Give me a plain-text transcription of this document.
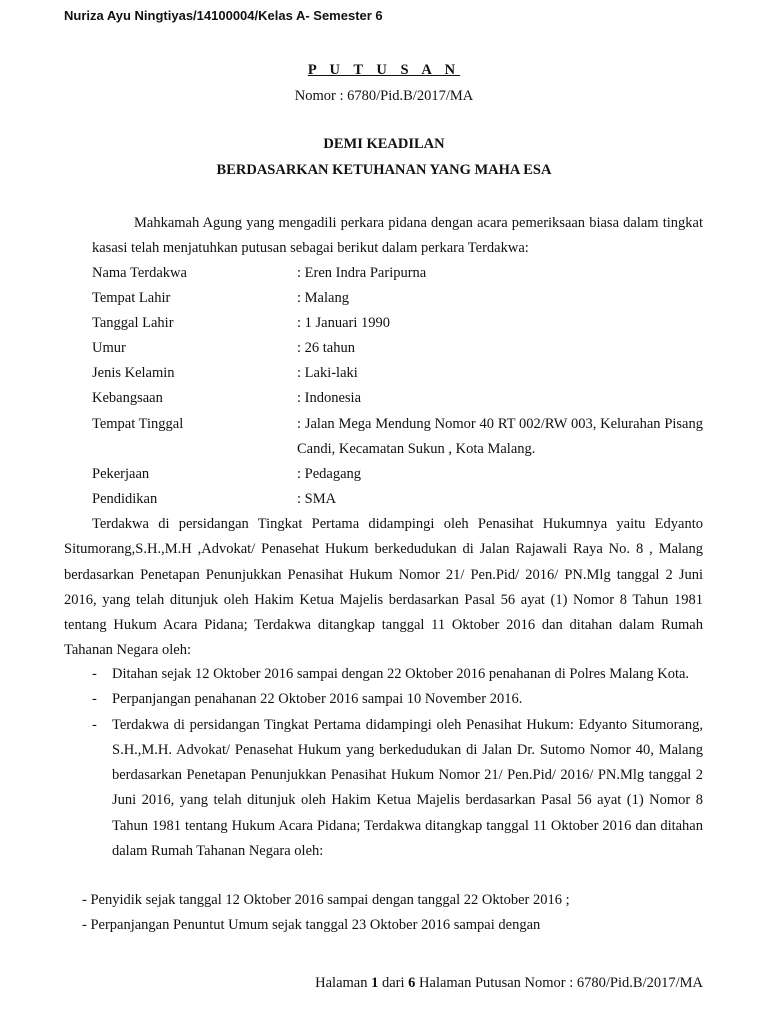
Nuriza Ayu Ningtiyas/14100004/Kelas A- Semester 6
P U T U S A N
Nomor : 6780/Pid.B/2017/MA
DEMI KEADILAN
BERDASARKAN KETUHANAN YANG MAHA ESA
Mahkamah Agung yang mengadili perkara pidana dengan acara pemeriksaan biasa dalam tingkat kasasi telah menjatuhkan putusan sebagai berikut dalam perkara Terdakwa:
Nama Terdakwa	: Eren Indra Paripurna
Tempat Lahir	: Malang
Tanggal Lahir	: 1 Januari 1990
Umur	: 26 tahun
Jenis Kelamin	: Laki-laki
Kebangsaan	: Indonesia
Tempat Tinggal	: Jalan Mega Mendung Nomor 40 RT 002/RW 003, Kelurahan Pisang Candi, Kecamatan Sukun , Kota Malang.
Pekerjaan	: Pedagang
Pendidikan	: SMA
Terdakwa di persidangan Tingkat Pertama didampingi oleh Penasihat Hukumnya yaitu Edyanto Situmorang,S.H.,M.H ,Advokat/ Penasehat Hukum berkedudukan di Jalan Rajawali Raya No. 8 , Malang berdasarkan Penetapan Penunjukkan Penasihat Hukum Nomor 21/ Pen.Pid/ 2016/ PN.Mlg tanggal 2 Juni 2016, yang telah ditunjuk oleh Hakim Ketua Majelis berdasarkan Pasal 56 ayat (1) Nomor 8 Tahun 1981 tentang Hukum Acara Pidana; Terdakwa ditangkap tanggal 11 Oktober 2016 dan ditahan dalam Rumah Tahanan Negara oleh:
- Ditahan sejak 12 Oktober 2016 sampai dengan 22 Oktober 2016 penahanan di Polres Malang Kota.
- Perpanjangan penahanan 22 Oktober 2016 sampai 10 November 2016.
- Terdakwa di persidangan Tingkat Pertama didampingi oleh Penasihat Hukum: Edyanto Situmorang, S.H.,M.H. Advokat/ Penasehat Hukum yang berkedudukan di Jalan Dr. Sutomo Nomor 40, Malang berdasarkan Penetapan Penunjukkan Penasihat Hukum Nomor 21/ Pen.Pid/ 2016/ PN.Mlg tanggal 2 Juni 2016, yang telah ditunjuk oleh Hakim Ketua Majelis berdasarkan Pasal 56 ayat (1) Nomor 8 Tahun 1981 tentang Hukum Acara Pidana; Terdakwa ditangkap tanggal 11 Oktober 2016 dan ditahan dalam Rumah Tahanan Negara oleh:
- Penyidik sejak tanggal 12 Oktober 2016 sampai dengan tanggal 22 Oktober 2016 ;
- Perpanjangan Penuntut Umum sejak tanggal 23 Oktober 2016 sampai dengan
Halaman 1 dari 6 Halaman Putusan Nomor : 6780/Pid.B/2017/MA
